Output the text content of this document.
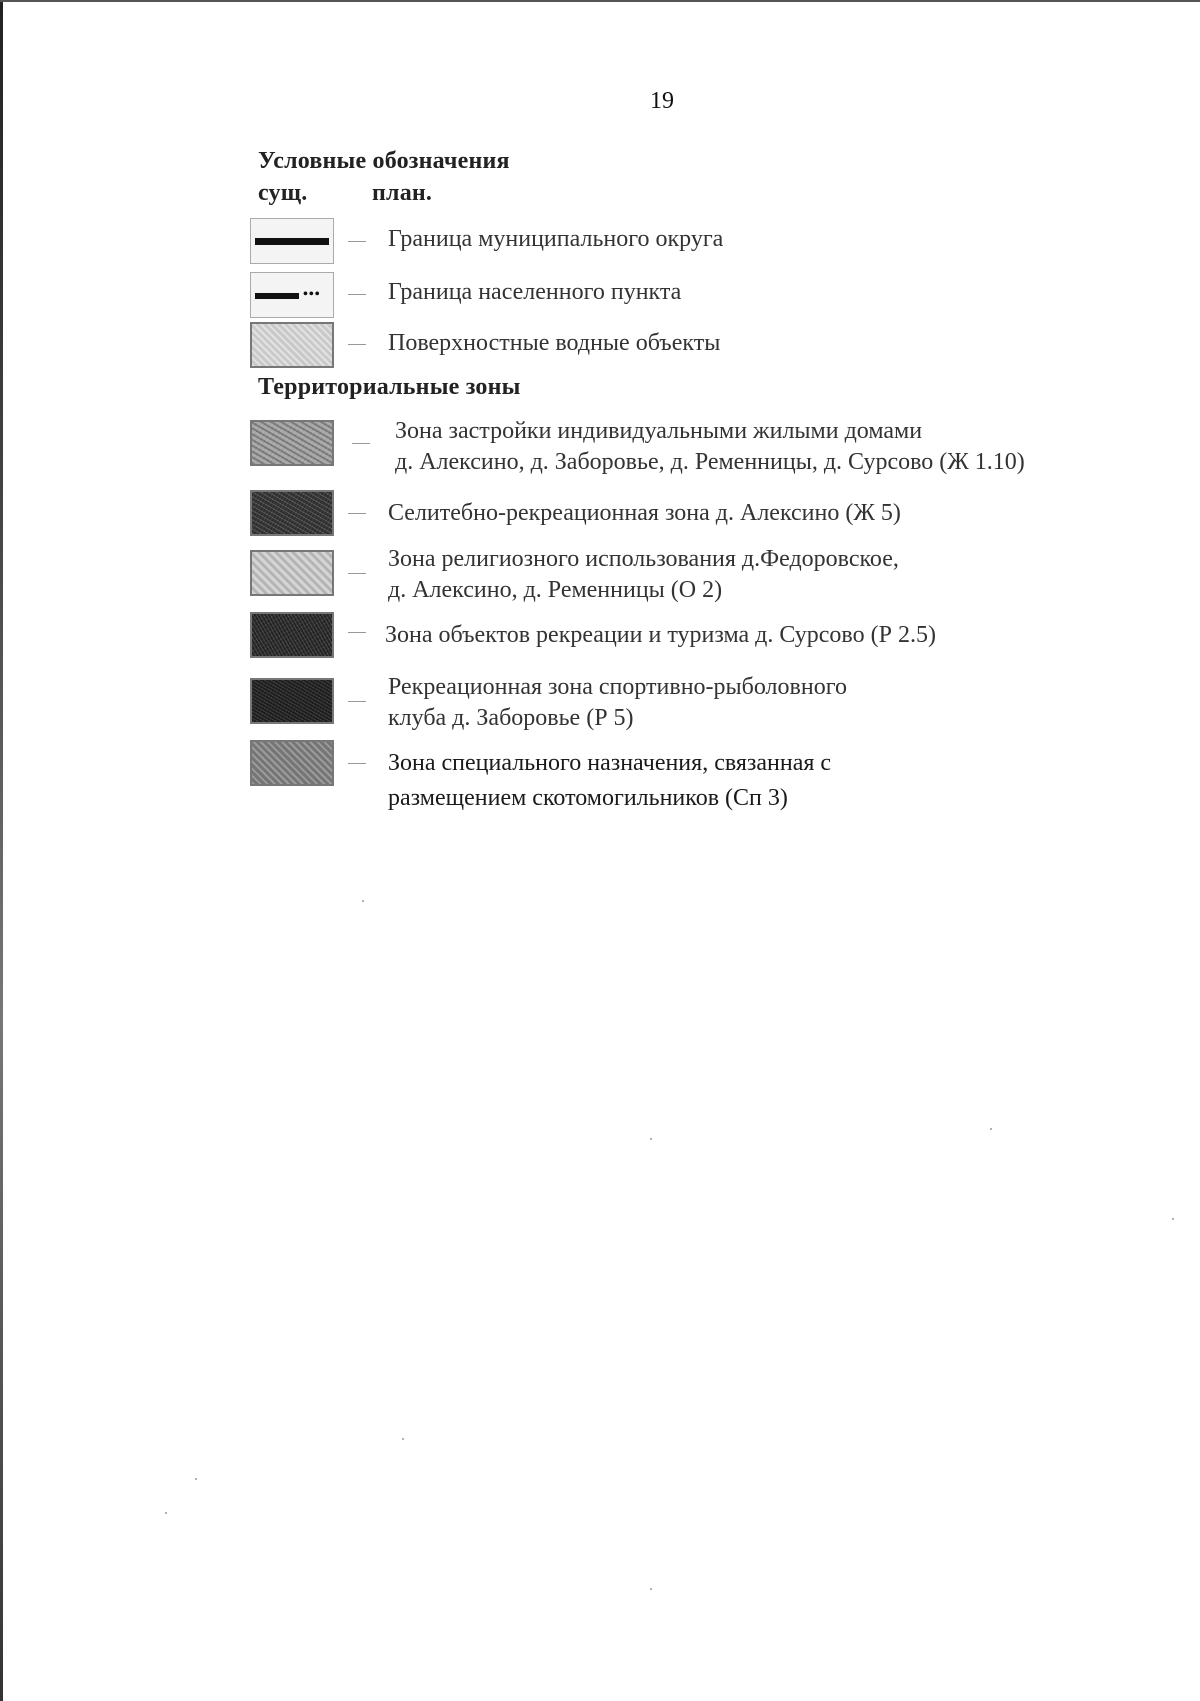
19
Условные обозначения
сущ.	план.
Граница муниципального округа
•••	Граница населенного пункта
Поверхностные водные объекты
Территориальные зоны
Зона застройки индивидуальными жилыми домами
д. Алексино, д. Заборовье, д. Ременницы, д. Сурсово (Ж 1.10)
Селитебно-рекреационная зона д. Алексино (Ж 5)
Зона религиозного использования д.Федоровское,
д. Алексино, д. Ременницы (О 2)
Зона объектов рекреации и туризма д. Сурсово (Р 2.5)
Рекреационная зона спортивно-рыболовного
клуба д. Заборовье (Р 5)
Зона специального назначения, связанная с
размещением скотомогильников (Сп 3)
